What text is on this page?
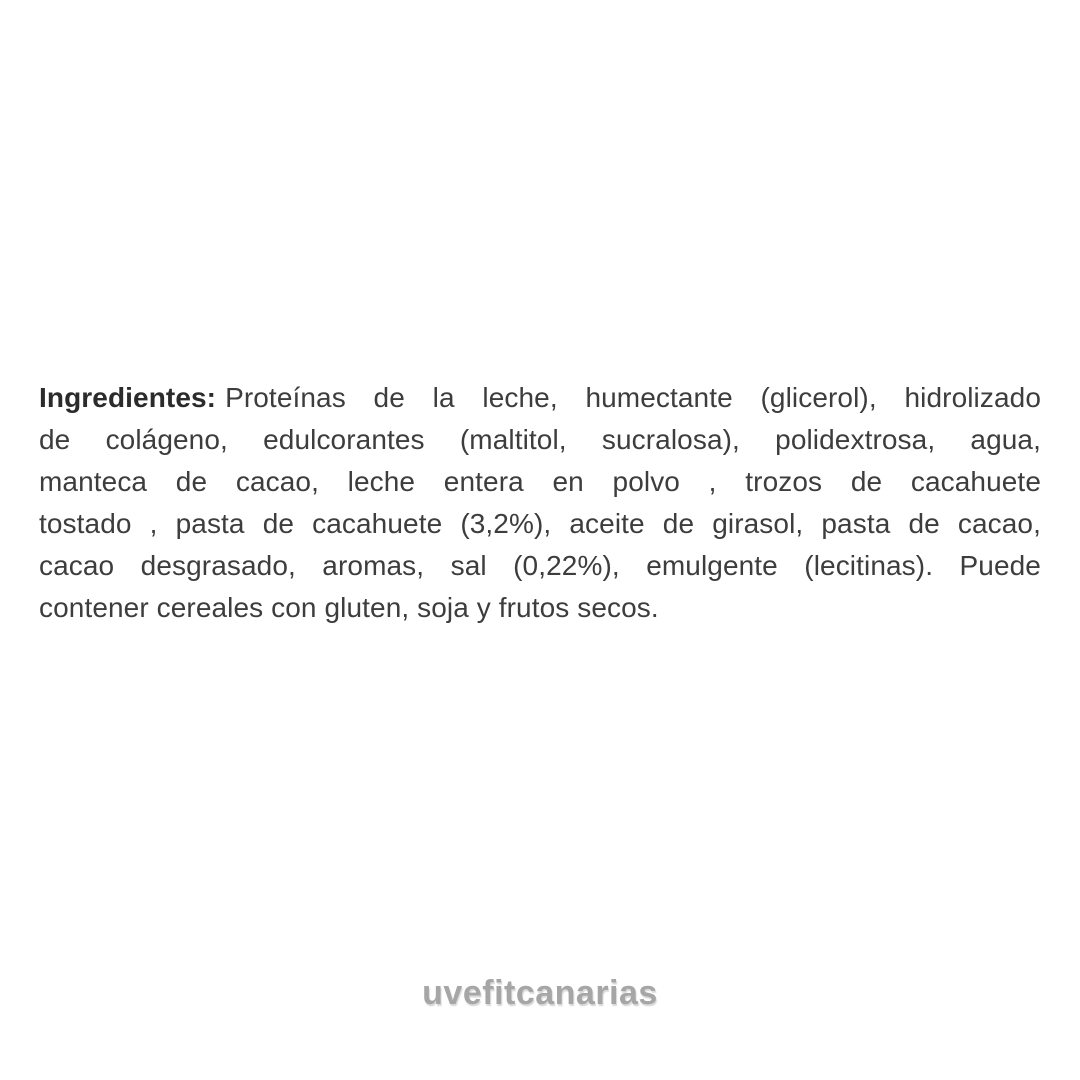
Ingredientes: Proteínas de la leche, humectante (glicerol), hidrolizado
de colágeno, edulcorantes (maltitol, sucralosa), polidextrosa, agua,
manteca de cacao, leche entera en polvo , trozos de cacahuete
tostado , pasta de cacahuete (3,2%), aceite de girasol, pasta de cacao,
cacao desgrasado, aromas, sal (0,22%), emulgente (lecitinas). Puede
contener cereales con gluten, soja y frutos secos.
uvefitcanarias
